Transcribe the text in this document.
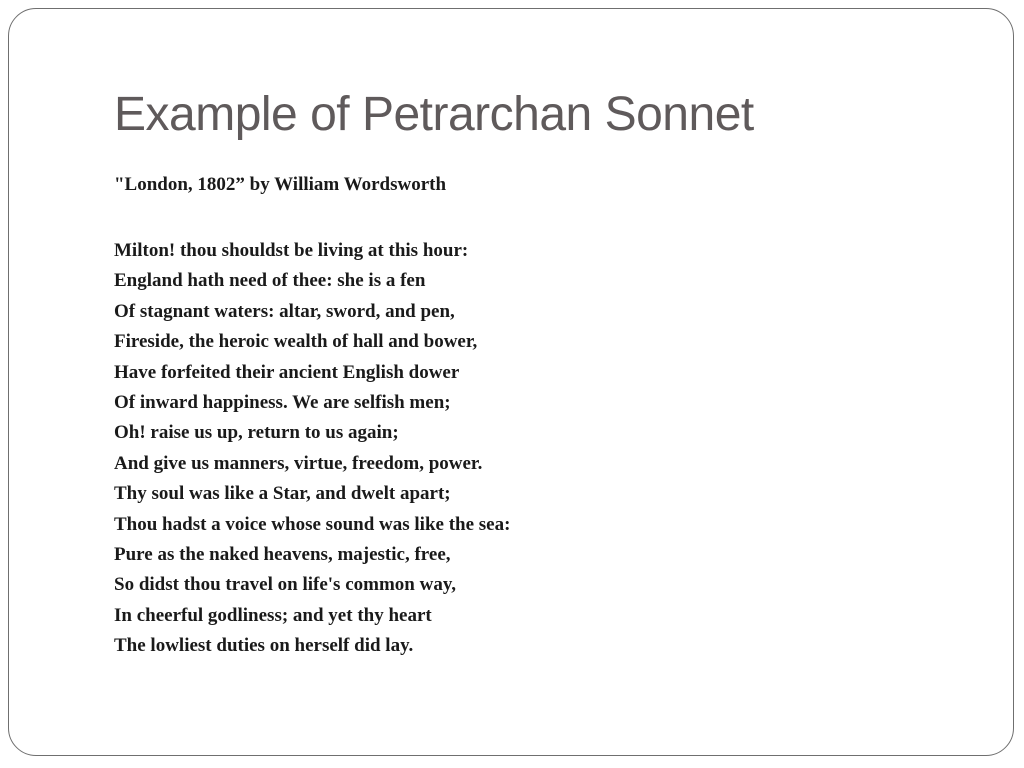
Example of Petrarchan Sonnet

"London, 1802” by William Wordsworth

Milton! thou shouldst be living at this hour:
England hath need of thee: she is a fen
Of stagnant waters: altar, sword, and pen,
Fireside, the heroic wealth of hall and bower,
Have forfeited their ancient English dower
Of inward happiness. We are selfish men;
Oh! raise us up, return to us again;
And give us manners, virtue, freedom, power.
Thy soul was like a Star, and dwelt apart;
Thou hadst a voice whose sound was like the sea:
Pure as the naked heavens, majestic, free,
So didst thou travel on life's common way,
In cheerful godliness; and yet thy heart
The lowliest duties on herself did lay.
